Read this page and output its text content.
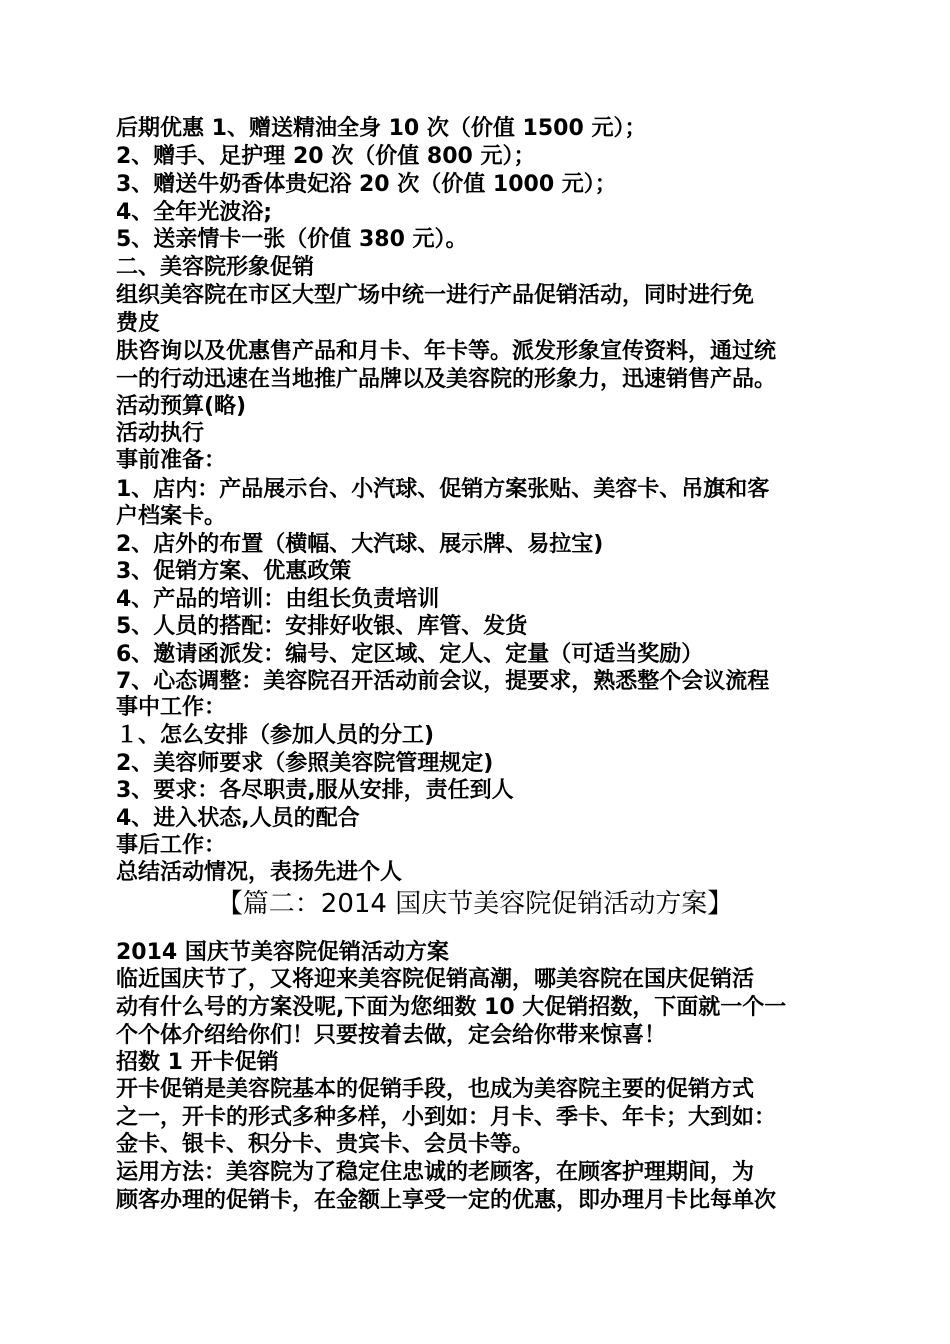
后期优惠 1、赠送精油全身 10 次（价值 1500 元）；
2、赠手、足护理 20 次（价值 800 元）；
3、赠送牛奶香体贵妃浴 20 次（价值 1000 元）；
4、全年光波浴;
5、送亲情卡一张（价值 380 元）。
二、美容院形象促销
组织美容院在市区大型广场中统一进行产品促销活动，同时进行免
费皮
肤咨询以及优惠售产品和月卡、年卡等。派发形象宣传资料，通过统
一的行动迅速在当地推广品牌以及美容院的形象力，迅速销售产品。
活动预算(略)
活动执行
事前准备：
1、店内：产品展示台、小汽球、促销方案张贴、美容卡、吊旗和客
户档案卡。
2、店外的布置（横幅、大汽球、展示牌、易拉宝)
3、促销方案、优惠政策
4、产品的培训：由组长负责培训
5、人员的搭配：安排好收银、库管、发货
6、邀请函派发：编号、定区域、定人、定量（可适当奖励）
7、心态调整：美容院召开活动前会议，提要求，熟悉整个会议流程
事中工作：
１、怎么安排（参加人员的分工)
2、美容师要求（参照美容院管理规定)
3、要求：各尽职责,服从安排，责任到人
4、进入状态,人员的配合
事后工作：
总结活动情况，表扬先进个人
【篇二：2014 国庆节美容院促销活动方案】
2014 国庆节美容院促销活动方案
临近国庆节了，又将迎来美容院促销高潮，哪美容院在国庆促销活
动有什么号的方案没呢,下面为您细数 10 大促销招数，下面就一个一
个个体介绍给你们！只要按着去做，定会给你带来惊喜！
招数 1 开卡促销
开卡促销是美容院基本的促销手段，也成为美容院主要的促销方式
之一，开卡的形式多种多样，小到如：月卡、季卡、年卡；大到如：
金卡、银卡、积分卡、贵宾卡、会员卡等。
运用方法：美容院为了稳定住忠诚的老顾客，在顾客护理期间，为
顾客办理的促销卡，在金额上享受一定的优惠，即办理月卡比每单次
